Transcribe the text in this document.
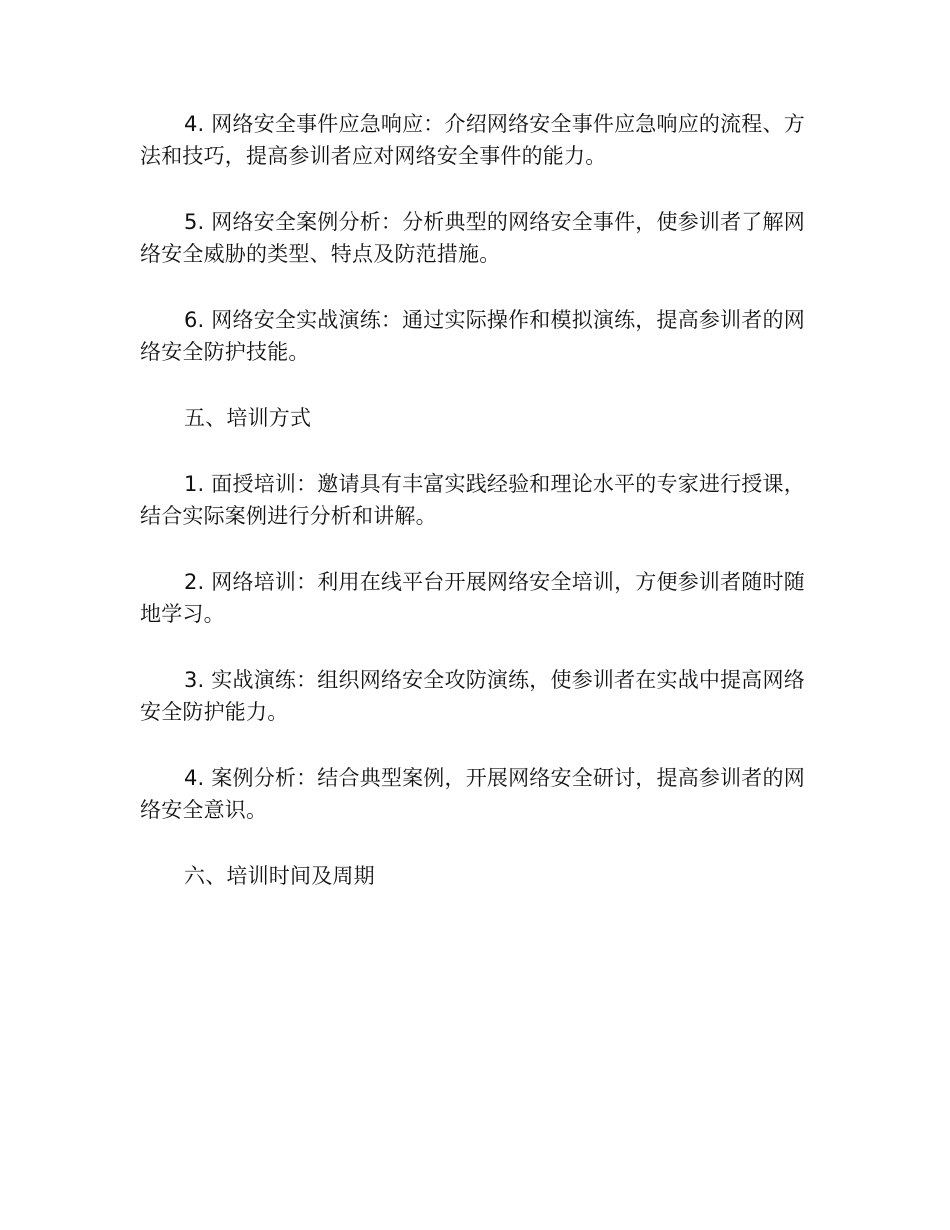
4. 网络安全事件应急响应：介绍网络安全事件应急响应的流程、方法和技巧，提高参训者应对网络安全事件的能力。

5. 网络安全案例分析：分析典型的网络安全事件，使参训者了解网络安全威胁的类型、特点及防范措施。

6. 网络安全实战演练：通过实际操作和模拟演练，提高参训者的网络安全防护技能。

五、培训方式

1. 面授培训：邀请具有丰富实践经验和理论水平的专家进行授课，结合实际案例进行分析和讲解。

2. 网络培训：利用在线平台开展网络安全培训，方便参训者随时随地学习。

3. 实战演练：组织网络安全攻防演练，使参训者在实战中提高网络安全防护能力。

4. 案例分析：结合典型案例，开展网络安全研讨，提高参训者的网络安全意识。

六、培训时间及周期
